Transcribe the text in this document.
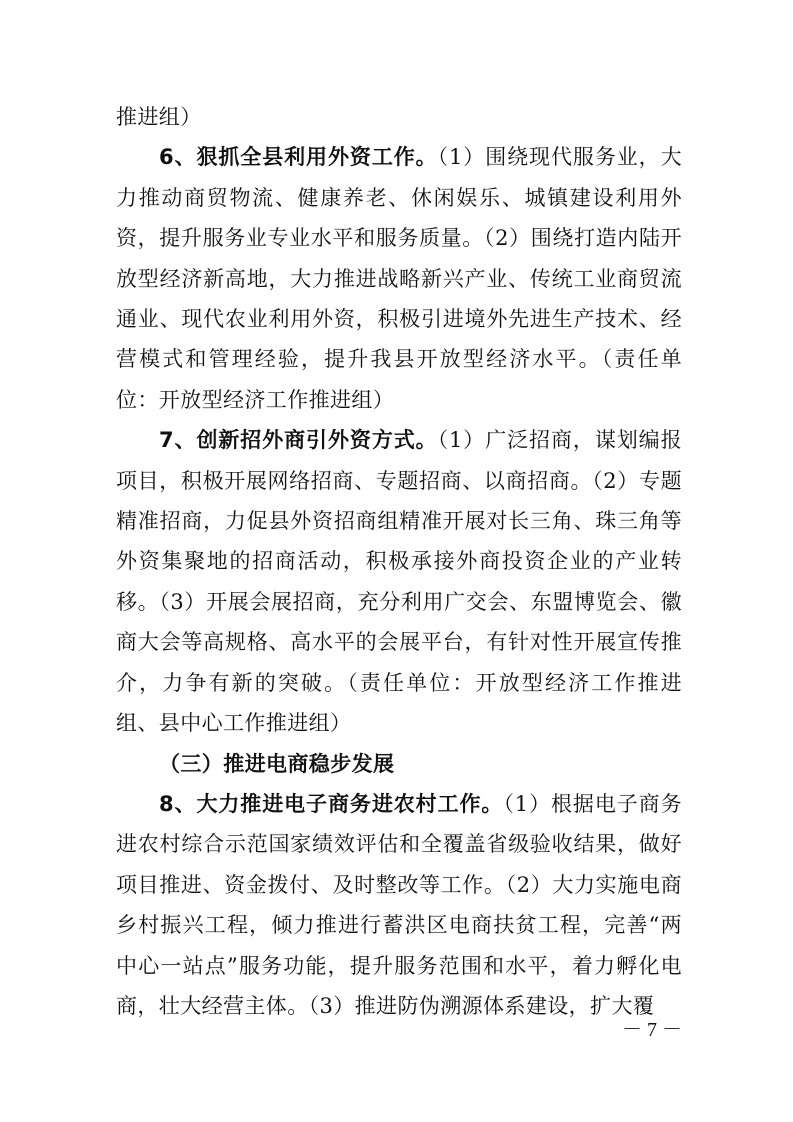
推进组）

6、狠抓全县利用外资工作。（1）围绕现代服务业，大力推动商贸物流、健康养老、休闲娱乐、城镇建设利用外资，提升服务业专业水平和服务质量。（2）围绕打造内陆开放型经济新高地，大力推进战略新兴产业、传统工业商贸流通业、现代农业利用外资，积极引进境外先进生产技术、经营模式和管理经验，提升我县开放型经济水平。（责任单位：开放型经济工作推进组）

7、创新招外商引外资方式。（1）广泛招商，谋划编报项目，积极开展网络招商、专题招商、以商招商。（2）专题精准招商，力促县外资招商组精准开展对长三角、珠三角等外资集聚地的招商活动，积极承接外商投资企业的产业转移。（3）开展会展招商，充分利用广交会、东盟博览会、徽商大会等高规格、高水平的会展平台，有针对性开展宣传推介，力争有新的突破。（责任单位：开放型经济工作推进组、县中心工作推进组）

（三）推进电商稳步发展

8、大力推进电子商务进农村工作。（1）根据电子商务进农村综合示范国家绩效评估和全覆盖省级验收结果，做好项目推进、资金拨付、及时整改等工作。（2）大力实施电商乡村振兴工程，倾力推进行蓄洪区电商扶贫工程，完善“两中心一站点”服务功能，提升服务范围和水平，着力孵化电商，壮大经营主体。（3）推进防伪溯源体系建设，扩大覆

－ 7 －
